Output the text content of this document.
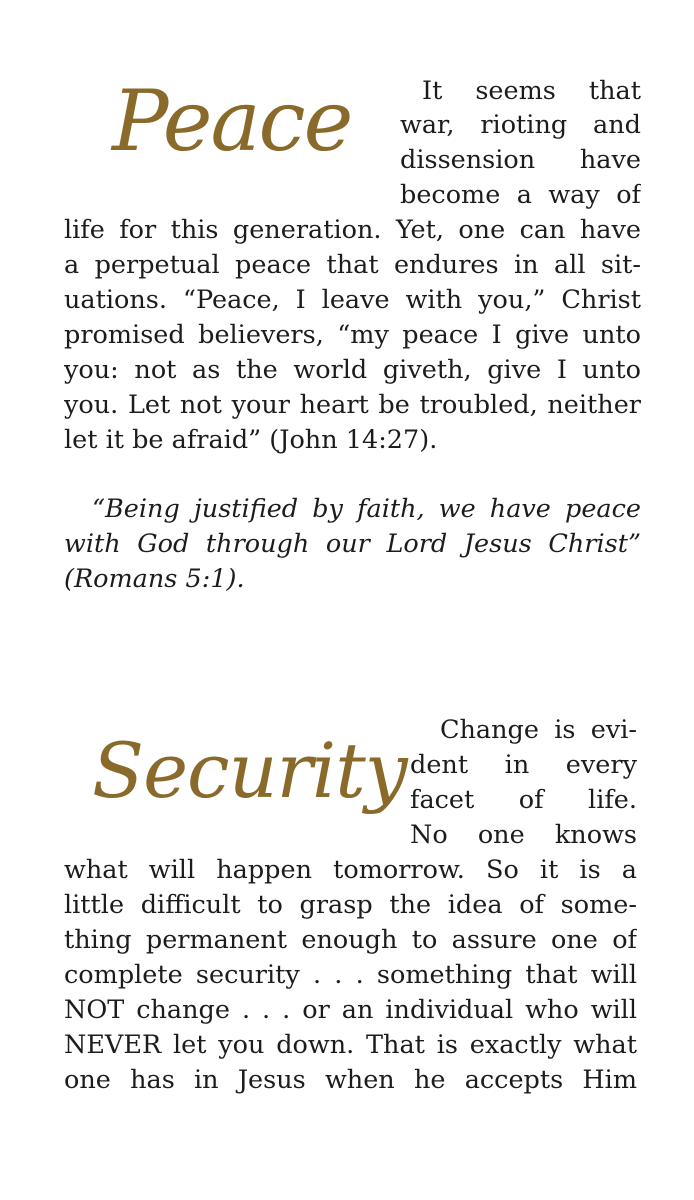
Peace	It seems that
war, rioting and
dissension have
become a way of
life for this generation. Yet, one can have
a perpetual peace that endures in all sit-
uations. “Peace, I leave with you,” Christ
promised believers, “my peace I give unto
you: not as the world giveth, give I unto
you. Let not your heart be troubled, neither
let it be afraid” (John 14:27).
“Being justified by faith, we have peace
with God through our Lord Jesus Christ”
(Romans 5:1).
Security Change is evi-
dent in every
facet of life.
No one knows
what will happen tomorrow. So it is a
little difficult to grasp the idea of some-
thing permanent enough to assure one of
complete security . . . something that will
NOT change . . . or an individual who will
NEVER let you down. That is exactly what
one has in Jesus when he accepts Him
